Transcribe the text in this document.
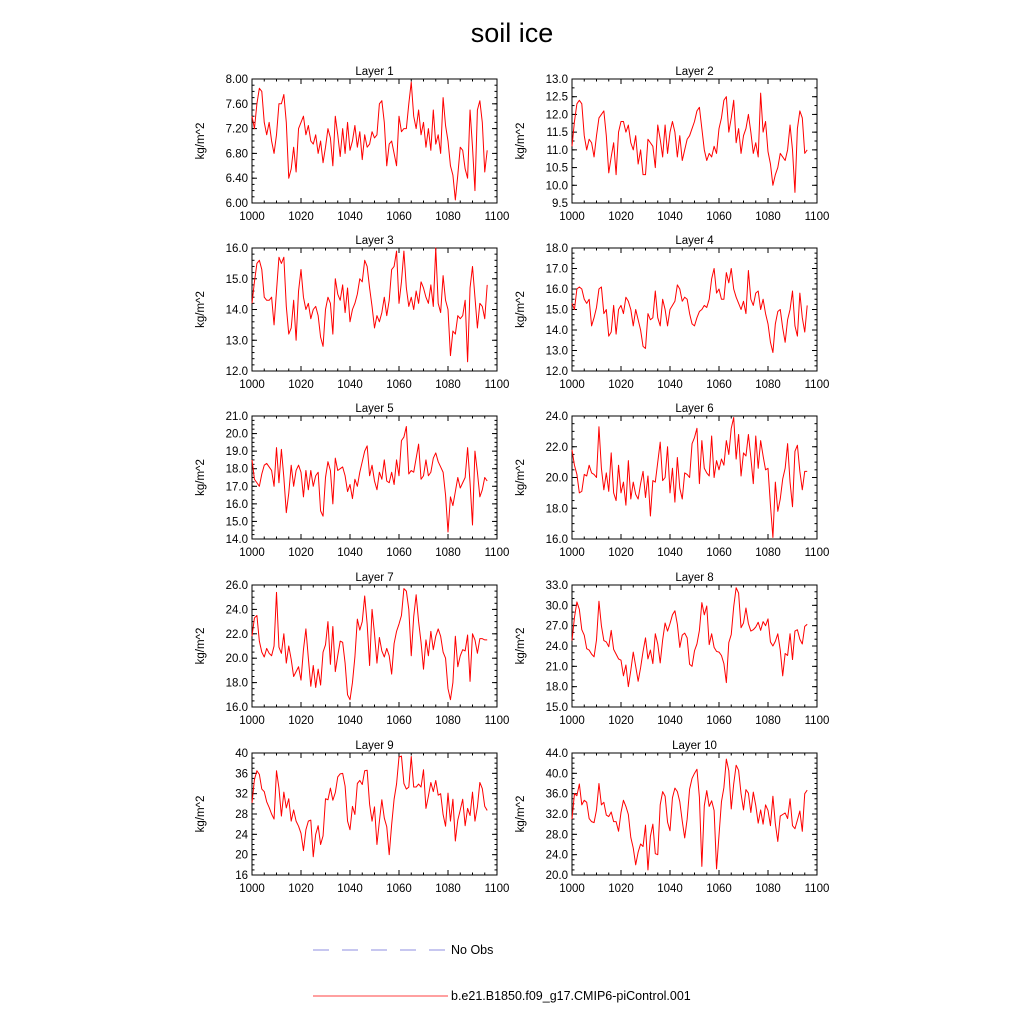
soil ice
Layer 1
6.00
6.40
6.80
7.20
7.60
8.00
1000 1020 1040 1060 1080 1100
kg/m^2
Layer 2
9.5
10.0
10.5
11.0
11.5
12.0
12.5
13.0
1000 1020 1040 1060 1080 1100
kg/m^2
Layer 3
12.0
13.0
14.0
15.0
16.0
1000 1020 1040 1060 1080 1100
kg/m^2
Layer 4
12.0
13.0
14.0
15.0
16.0
17.0
18.0
1000 1020 1040 1060 1080 1100
kg/m^2
Layer 5
14.0
15.0
16.0
17.0
18.0
19.0
20.0
21.0
1000 1020 1040 1060 1080 1100
kg/m^2
Layer 6
16.0
18.0
20.0
22.0
24.0
1000 1020 1040 1060 1080 1100
kg/m^2
Layer 7
16.0
18.0
20.0
22.0
24.0
26.0
1000 1020 1040 1060 1080 1100
kg/m^2
Layer 8
15.0
18.0
21.0
24.0
27.0
30.0
33.0
1000 1020 1040 1060 1080 1100
kg/m^2
Layer 9
16
20
24
28
32
36
40
1000 1020 1040 1060 1080 1100
kg/m^2
Layer 10
20.0
24.0
28.0
32.0
36.0
40.0
44.0
1000 1020 1040 1060 1080 1100
kg/m^2
No Obs
b.e21.B1850.f09_g17.CMIP6-piControl.001
